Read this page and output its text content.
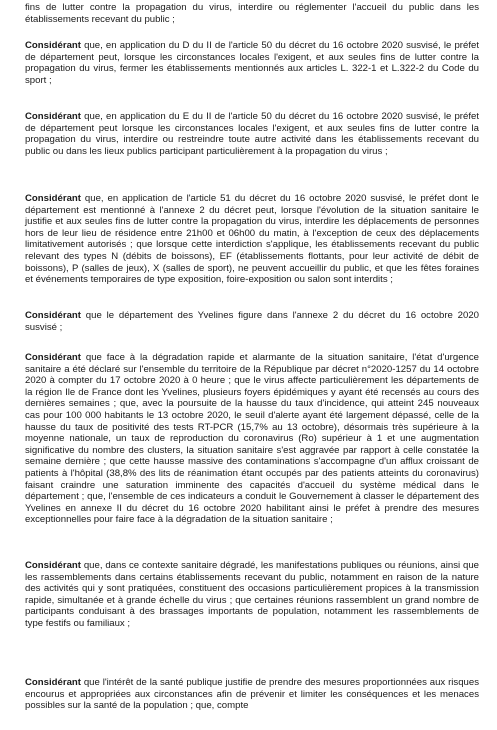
fins de lutter contre la propagation du virus, interdire ou réglementer l'accueil du public dans les établissements recevant du public ;

Considérant que, en application du D du II de l'article 50 du décret du 16 octobre 2020 susvisé, le préfet de département peut, lorsque les circonstances locales l'exigent, et aux seules fins de lutter contre la propagation du virus, fermer les établissements mentionnés aux articles L. 322-1 et L.322-2 du Code du sport ;

Considérant que, en application du E du II de l'article 50 du décret du 16 octobre 2020 susvisé, le préfet de département peut lorsque les circonstances locales l'exigent, et aux seules fins de lutter contre la propagation du virus, interdire ou restreindre toute autre activité dans les établissements recevant du public ou dans les lieux publics participant particulièrement à la propagation du virus ;

Considérant que, en application de l'article 51 du décret du 16 octobre 2020 susvisé, le préfet dont le département est mentionné à l'annexe 2 du décret peut, lorsque l'évolution de la situation sanitaire le justifie et aux seules fins de lutter contre la propagation du virus, interdire les déplacements de personnes hors de leur lieu de résidence entre 21h00 et 06h00 du matin, à l'exception de ceux des déplacements limitativement autorisés ; que lorsque cette interdiction s'applique, les établissements recevant du public relevant des types N (débits de boissons), EF (établissements flottants, pour leur activité de débit de boissons), P (salles de jeux), X (salles de sport), ne peuvent accueillir du public, et que les fêtes foraines et événements temporaires de type exposition, foire-exposition ou salon sont interdits ;

Considérant que le département des Yvelines figure dans l'annexe 2 du décret du 16 octobre 2020 susvisé ;

Considérant que face à la dégradation rapide et alarmante de la situation sanitaire, l'état d'urgence sanitaire a été déclaré sur l'ensemble du territoire de la République par décret n°2020-1257 du 14 octobre 2020 à compter du 17 octobre 2020 à 0 heure ; que le virus affecte particulièrement les départements de la région Ile de France dont les Yvelines, plusieurs foyers épidémiques y ayant été recensés au cours des dernières semaines ; que, avec la poursuite de la hausse du taux d'incidence, qui atteint 245 nouveaux cas pour 100 000 habitants le 13 octobre 2020, le seuil d'alerte ayant été largement dépassé, celle de la hausse du taux de positivité des tests RT-PCR (15,7% au 13 octobre), désormais très supérieure à la moyenne nationale, un taux de reproduction du coronavirus (Ro) supérieur à 1 et une augmentation significative du nombre des clusters, la situation sanitaire s'est aggravée par rapport à celle constatée la semaine dernière ; que cette hausse massive des contaminations s'accompagne d'un afflux croissant de patients à l'hôpital (38,8% des lits de réanimation étant occupés par des patients atteints du coronavirus) faisant craindre une saturation imminente des capacités d'accueil du système médical dans le département ; que, l'ensemble de ces indicateurs a conduit le Gouvernement à classer le département des Yvelines en annexe II du décret du 16 octobre 2020 habilitant ainsi le préfet à prendre des mesures exceptionnelles pour faire face à la dégradation de la situation sanitaire ;

Considérant que, dans ce contexte sanitaire dégradé, les manifestations publiques ou réunions, ainsi que les rassemblements dans certains établissements recevant du public, notamment en raison de la nature des activités qui y sont pratiquées, constituent des occasions particulièrement propices à la transmission rapide, simultanée et à grande échelle du virus ; que certaines réunions rassemblent un grand nombre de participants conduisant à des brassages importants de population, notamment les rassemblements de type festifs ou familiaux ;

Considérant que l'intérêt de la santé publique justifie de prendre des mesures proportionnées aux risques encourus et appropriées aux circonstances afin de prévenir et limiter les conséquences et les menaces possibles sur la santé de la population ; que, compte
